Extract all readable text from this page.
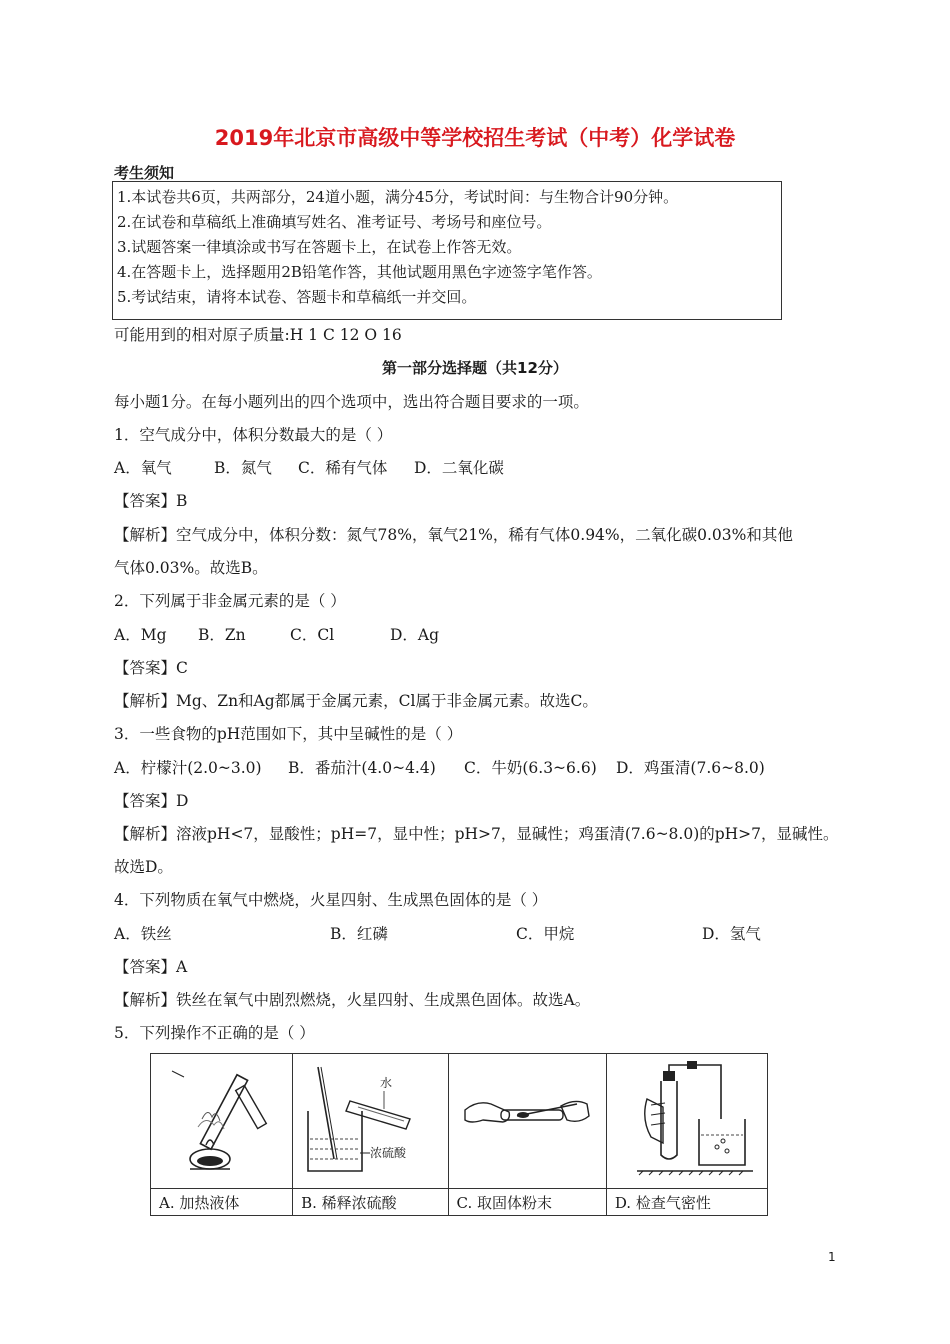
2019年北京市高级中等学校招生考试（中考）化学试卷
考生须知
1.本试卷共6页，共两部分，24道小题，满分45分，考试时间：与生物合计90分钟。
2.在试卷和草稿纸上准确填写姓名、准考证号、考场号和座位号。
3.试题答案一律填涂或书写在答题卡上，在试卷上作答无效。
4.在答题卡上，选择题用2B铅笔作答，其他试题用黑色字迹签字笔作答。
5.考试结束，请将本试卷、答题卡和草稿纸一并交回。
可能用到的相对原子质量:H 1 C 12 O 16
第一部分选择题（共12分）
每小题1分。在每小题列出的四个选项中，选出符合题目要求的一项。
1．空气成分中，体积分数最大的是（ ）
A．氧气	B．氮气 C．稀有气体 D．二氧化碳
【答案】B
【解析】空气成分中，体积分数：氮气78%，氧气21%，稀有气体0.94%，二氧化碳0.03%和其他
气体0.03%。故选B。
2．下列属于非金属元素的是（ ）
A．Mg B．Zn	C．Cl	D．Ag
【答案】C
【解析】Mg、Zn和Ag都属于金属元素，Cl属于非金属元素。故选C。
3．一些食物的pH范围如下，其中呈碱性的是（ ）
A．柠檬汁(2.0~3.0) B．番茄汁(4.0~4.4) C．牛奶(6.3~6.6) D．鸡蛋清(7.6~8.0)
【答案】D
【解析】溶液pH<7，显酸性；pH=7，显中性；pH>7，显碱性；鸡蛋清(7.6~8.0)的pH>7，显碱性。
故选D。
4．下列物质在氧气中燃烧，火星四射、生成黑色固体的是（ ）
A．铁丝	B．红磷	C．甲烷	D．氢气
【答案】A
【解析】铁丝在氧气中剧烈燃烧，火星四射、生成黑色固体。故选A。
5．下列操作不正确的是（ ）

水
浓硫酸

A. 加热液体	B. 稀释浓硫酸	C. 取固体粉末	D. 检查气密性
1
